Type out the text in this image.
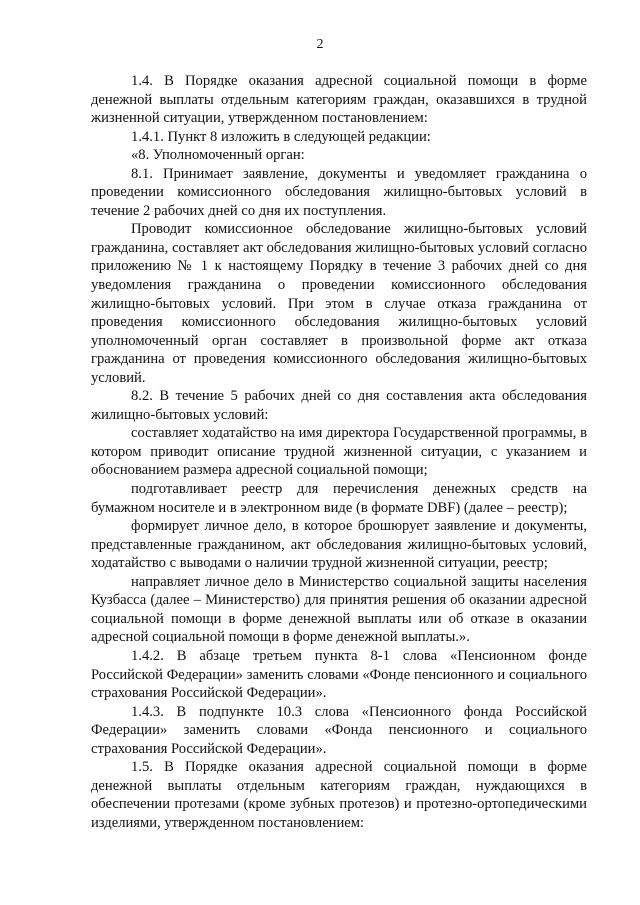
2

1.4. В Порядке оказания адресной социальной помощи в форме денежной выплаты отдельным категориям граждан, оказавшихся в трудной жизненной ситуации, утвержденном постановлением:

1.4.1. Пункт 8 изложить в следующей редакции:

«8. Уполномоченный орган:

8.1. Принимает заявление, документы и уведомляет гражданина о проведении комиссионного обследования жилищно-бытовых условий в течение 2 рабочих дней со дня их поступления.

Проводит комиссионное обследование жилищно-бытовых условий гражданина, составляет акт обследования жилищно-бытовых условий согласно приложению № 1 к настоящему Порядку в течение 3 рабочих дней со дня уведомления гражданина о проведении комиссионного обследования жилищно-бытовых условий. При этом в случае отказа гражданина от проведения комиссионного обследования жилищно-бытовых условий уполномоченный орган составляет в произвольной форме акт отказа гражданина от проведения комиссионного обследования жилищно-бытовых условий.

8.2. В течение 5 рабочих дней со дня составления акта обследования жилищно-бытовых условий:

составляет ходатайство на имя директора Государственной программы, в котором приводит описание трудной жизненной ситуации, с указанием и обоснованием размера адресной социальной помощи;

подготавливает реестр для перечисления денежных средств на бумажном носителе и в электронном виде (в формате DBF) (далее – реестр);

формирует личное дело, в которое брошюрует заявление и документы, представленные гражданином, акт обследования жилищно-бытовых условий, ходатайство с выводами о наличии трудной жизненной ситуации, реестр;

направляет личное дело в Министерство социальной защиты населения Кузбасса (далее – Министерство) для принятия решения об оказании адресной социальной помощи в форме денежной выплаты или об отказе в оказании адресной социальной помощи в форме денежной выплаты.».

1.4.2. В абзаце третьем пункта 8-1 слова «Пенсионном фонде Российской Федерации» заменить словами «Фонде пенсионного и социального страхования Российской Федерации».

1.4.3. В подпункте 10.3 слова «Пенсионного фонда Российской Федерации» заменить словами «Фонда пенсионного и социального страхования Российской Федерации».

1.5. В Порядке оказания адресной социальной помощи в форме денежной выплаты отдельным категориям граждан, нуждающихся в обеспечении протезами (кроме зубных протезов) и протезно-ортопедическими изделиями, утвержденном постановлением:
